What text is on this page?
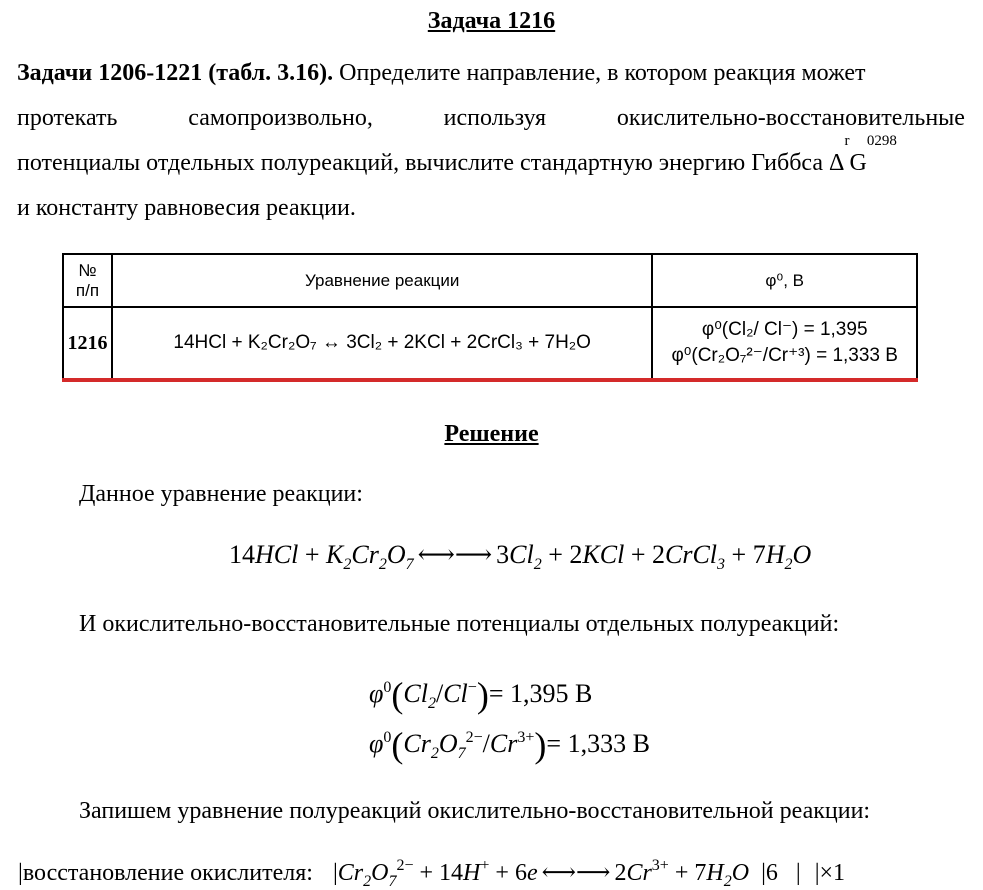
Задача 1216
Задачи 1206-1221 (табл. 3.16). Определите направление, в котором реакция может
протекать	самопроизвольно,	используя	окислительно-восстановительные
потенциалы отдельных полуреакций, вычислите стандартную энергию Гиббса Δ
r
G
0 298
и константу равновесия реакции.
№
п/п	Уравнение реакции	φ⁰, В
1216	14HCl + K₂Cr₂O₇ ↔ 3Cl₂ + 2KCl + 2CrCl₃ + 7H₂O	φ⁰(Cl₂/ Cl⁻) = 1,395
φ⁰(Cr₂O₇²⁻/Cr⁺³) = 1,333 В
Решение
Данное уравнение реакции:
$14HCl + K_2Cr_2O_7$ ⟷⟶ $3Cl_2 + 2KCl$ + 2CrCl$_3$ + $7H_2O$
И окислительно-восстановительные потенциалы отдельных полуреакций:
$\varphi^0(Cl_2/Cl^-)= 1,395$ В
$\varphi^0(Cr_2O_7^{2-}/Cr^{3+})= 1,333$ В
Запишем уравнение полуреакций окислительно-восстановительной реакции:
|восстановление окислителя: $|Cr_2O_7^{2-} + 14H^+ + 6e$ ⟷⟶ $2Cr^{3+} + 7H_2O$ |6 | |×1
